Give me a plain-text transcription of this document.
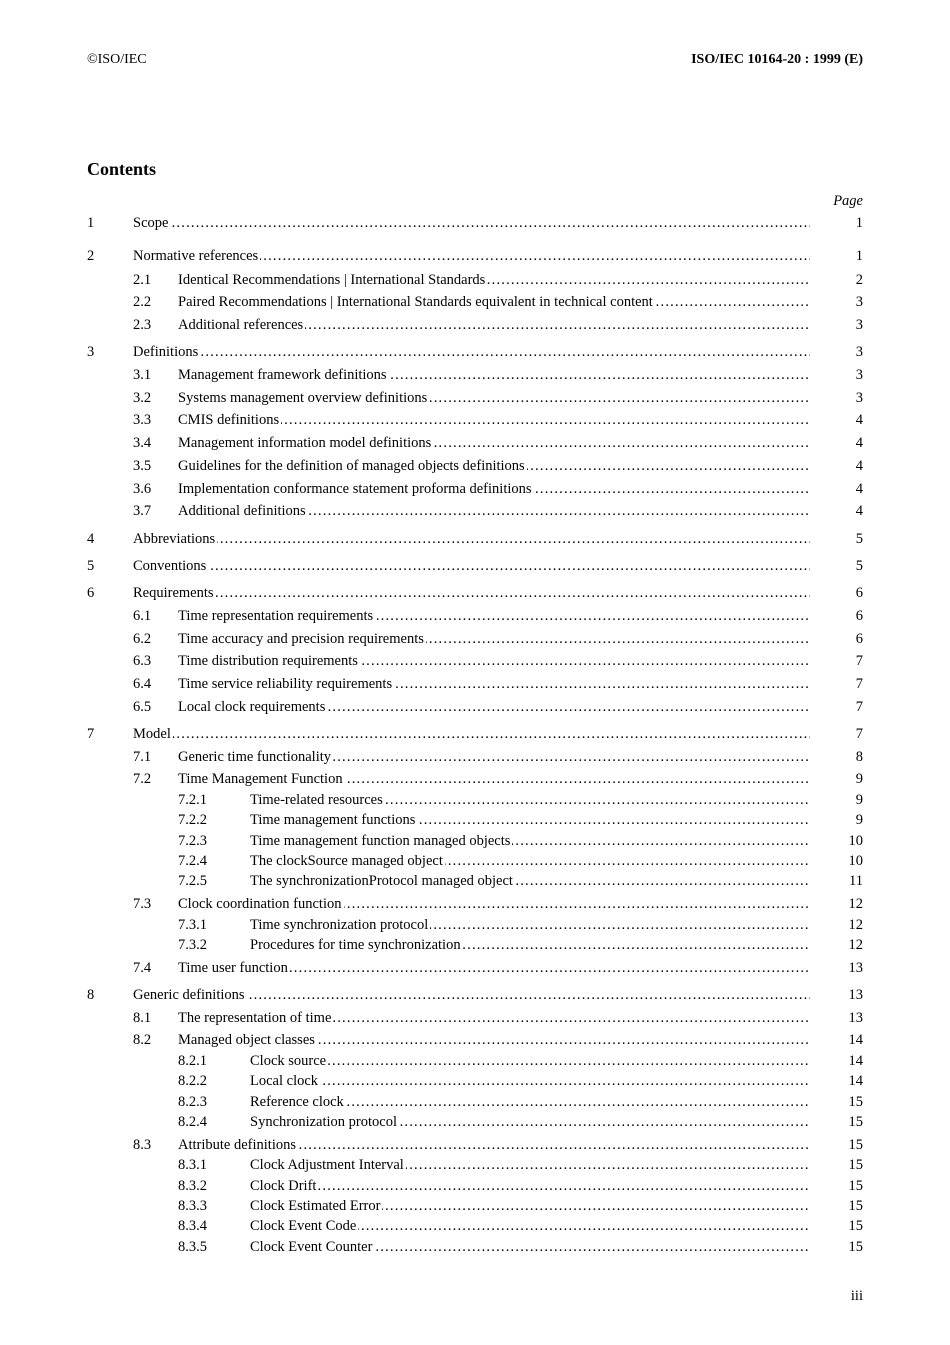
©ISO/IEC	ISO/IEC 10164-20 : 1999 (E)
Contents
Page
1	Scope .....	1
2	Normative references .....	1
2.1 Identical Recommendations | International Standards .....	2
2.2 Paired Recommendations | International Standards equivalent in technical content .....	3
2.3 Additional references .....	3
3	Definitions .....	3
3.1 Management framework definitions .....	3
3.2 Systems management overview definitions .....	3
3.3 CMIS definitions .....	4
3.4 Management information model definitions .....	4
3.5 Guidelines for the definition of managed objects definitions .....	4
3.6 Implementation conformance statement proforma definitions .....	4
3.7 Additional definitions .....	4
4	Abbreviations .....	5
5	Conventions .....	5
6	Requirements .....	6
6.1 Time representation requirements .....	6
6.2 Time accuracy and precision requirements .....	6
6.3 Time distribution requirements .....	7
6.4 Time service reliability requirements .....	7
6.5 Local clock requirements .....	7
7	Model .....	7
7.1 Generic time functionality .....	8
7.2 Time Management Function .....	9
7.2.1	Time-related resources .....	9
7.2.2	Time management functions .....	9
7.2.3	Time management function managed objects .....	10
7.2.4	The clockSource managed object .....	10
7.2.5	The synchronizationProtocol managed object .....	11
7.3 Clock coordination function .....	12
7.3.1	Time synchronization protocol .....	12
7.3.2	Procedures for time synchronization .....	12
7.4 Time user function .....	13
8	Generic definitions .....	13
8.1 The representation of time .....	13
8.2 Managed object classes .....	14
8.2.1	Clock source .....	14
8.2.2	Local clock .....	14
8.2.3	Reference clock .....	15
8.2.4	Synchronization protocol .....	15
8.3 Attribute definitions .....	15
8.3.1	Clock Adjustment Interval .....	15
8.3.2	Clock Drift .....	15
8.3.3	Clock Estimated Error .....	15
8.3.4	Clock Event Code .....	15
8.3.5	Clock Event Counter .....	15
iii
